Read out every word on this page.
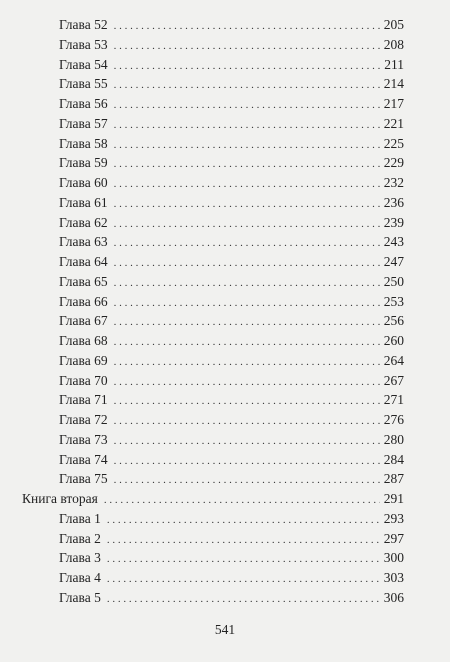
Глава 52 . . .	205
Глава 53 . . .	208
Глава 54 . . .	211
Глава 55 . . .	214
Глава 56 . . .	217
Глава 57 . . .	221
Глава 58 . . .	225
Глава 59 . . .	229
Глава 60 . . .	232
Глава 61 . . .	236
Глава 62 . . .	239
Глава 63 . . .	243
Глава 64 . . .	247
Глава 65 . . .	250
Глава 66 . . .	253
Глава 67 . . .	256
Глава 68 . . .	260
Глава 69 . . .	264
Глава 70 . . .	267
Глава 71 . . .	271
Глава 72 . . .	276
Глава 73 . . .	280
Глава 74 . . .	284
Глава 75 . . .	287
Книга вторая . . .	291
Глава 1 . . .	293
Глава 2 . . .	297
Глава 3 . . .	300
Глава 4 . . .	303
Глава 5 . . .	306
541
